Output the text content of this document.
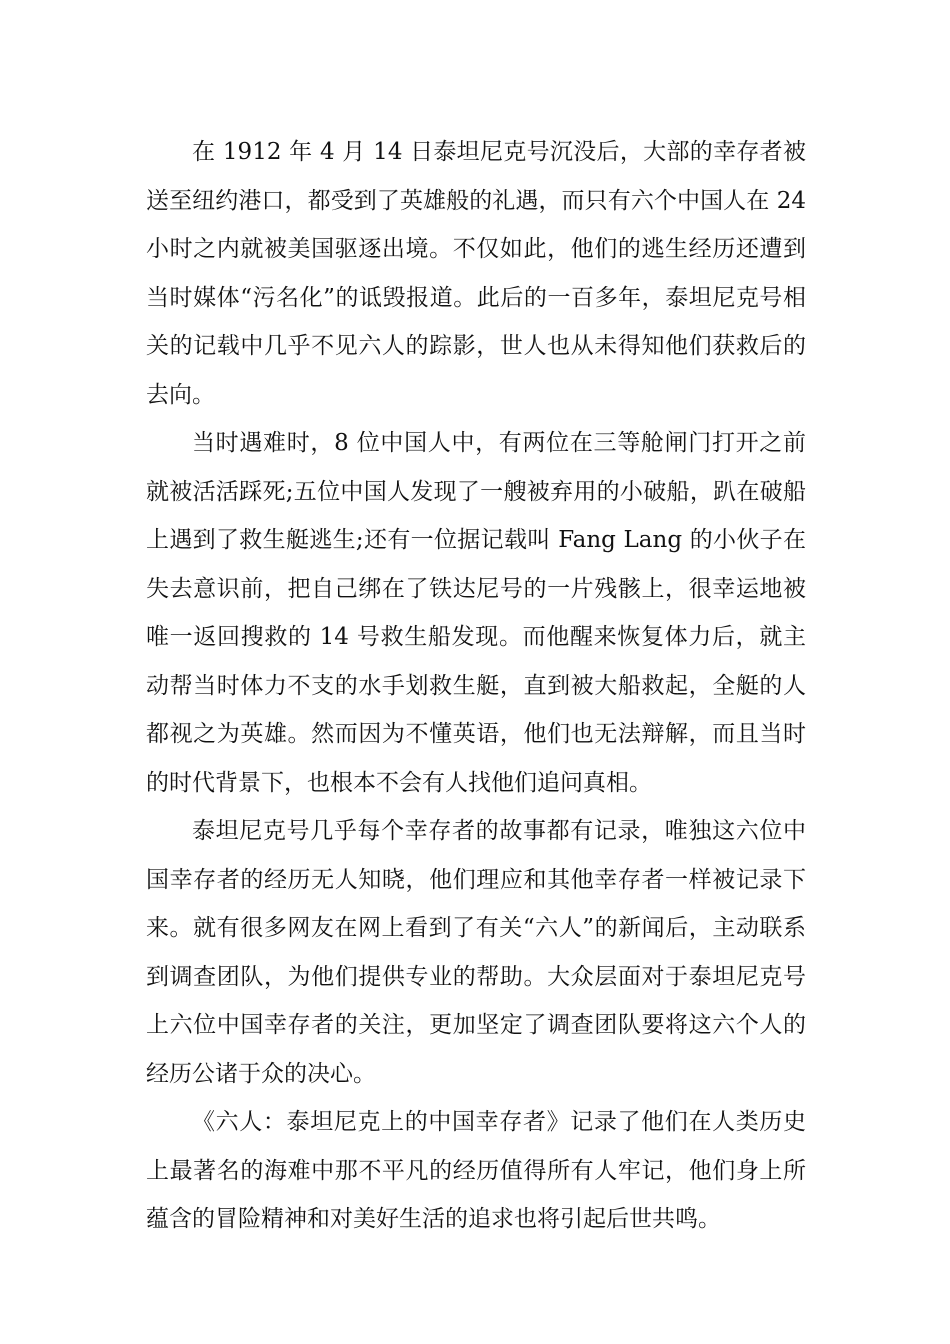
在 1912 年 4 月 14 日泰坦尼克号沉没后，大部的幸存者被送至纽约港口，都受到了英雄般的礼遇，而只有六个中国人在 24 小时之内就被美国驱逐出境。不仅如此，他们的逃生经历还遭到当时媒体“污名化”的诋毁报道。此后的一百多年，泰坦尼克号相关的记载中几乎不见六人的踪影，世人也从未得知他们获救后的去向。

当时遇难时，8 位中国人中，有两位在三等舱闸门打开之前就被活活踩死;五位中国人发现了一艘被弃用的小破船，趴在破船上遇到了救生艇逃生;还有一位据记载叫 Fang Lang 的小伙子在失去意识前，把自己绑在了铁达尼号的一片残骸上，很幸运地被唯一返回搜救的 14 号救生船发现。而他醒来恢复体力后，就主动帮当时体力不支的水手划救生艇，直到被大船救起，全艇的人都视之为英雄。然而因为不懂英语，他们也无法辩解，而且当时的时代背景下，也根本不会有人找他们追问真相。

泰坦尼克号几乎每个幸存者的故事都有记录，唯独这六位中国幸存者的经历无人知晓，他们理应和其他幸存者一样被记录下来。就有很多网友在网上看到了有关“六人”的新闻后，主动联系到调查团队，为他们提供专业的帮助。大众层面对于泰坦尼克号上六位中国幸存者的关注，更加坚定了调查团队要将这六个人的经历公诸于众的决心。

《六人：泰坦尼克上的中国幸存者》记录了他们在人类历史上最著名的海难中那不平凡的经历值得所有人牢记，他们身上所蕴含的冒险精神和对美好生活的追求也将引起后世共鸣。
